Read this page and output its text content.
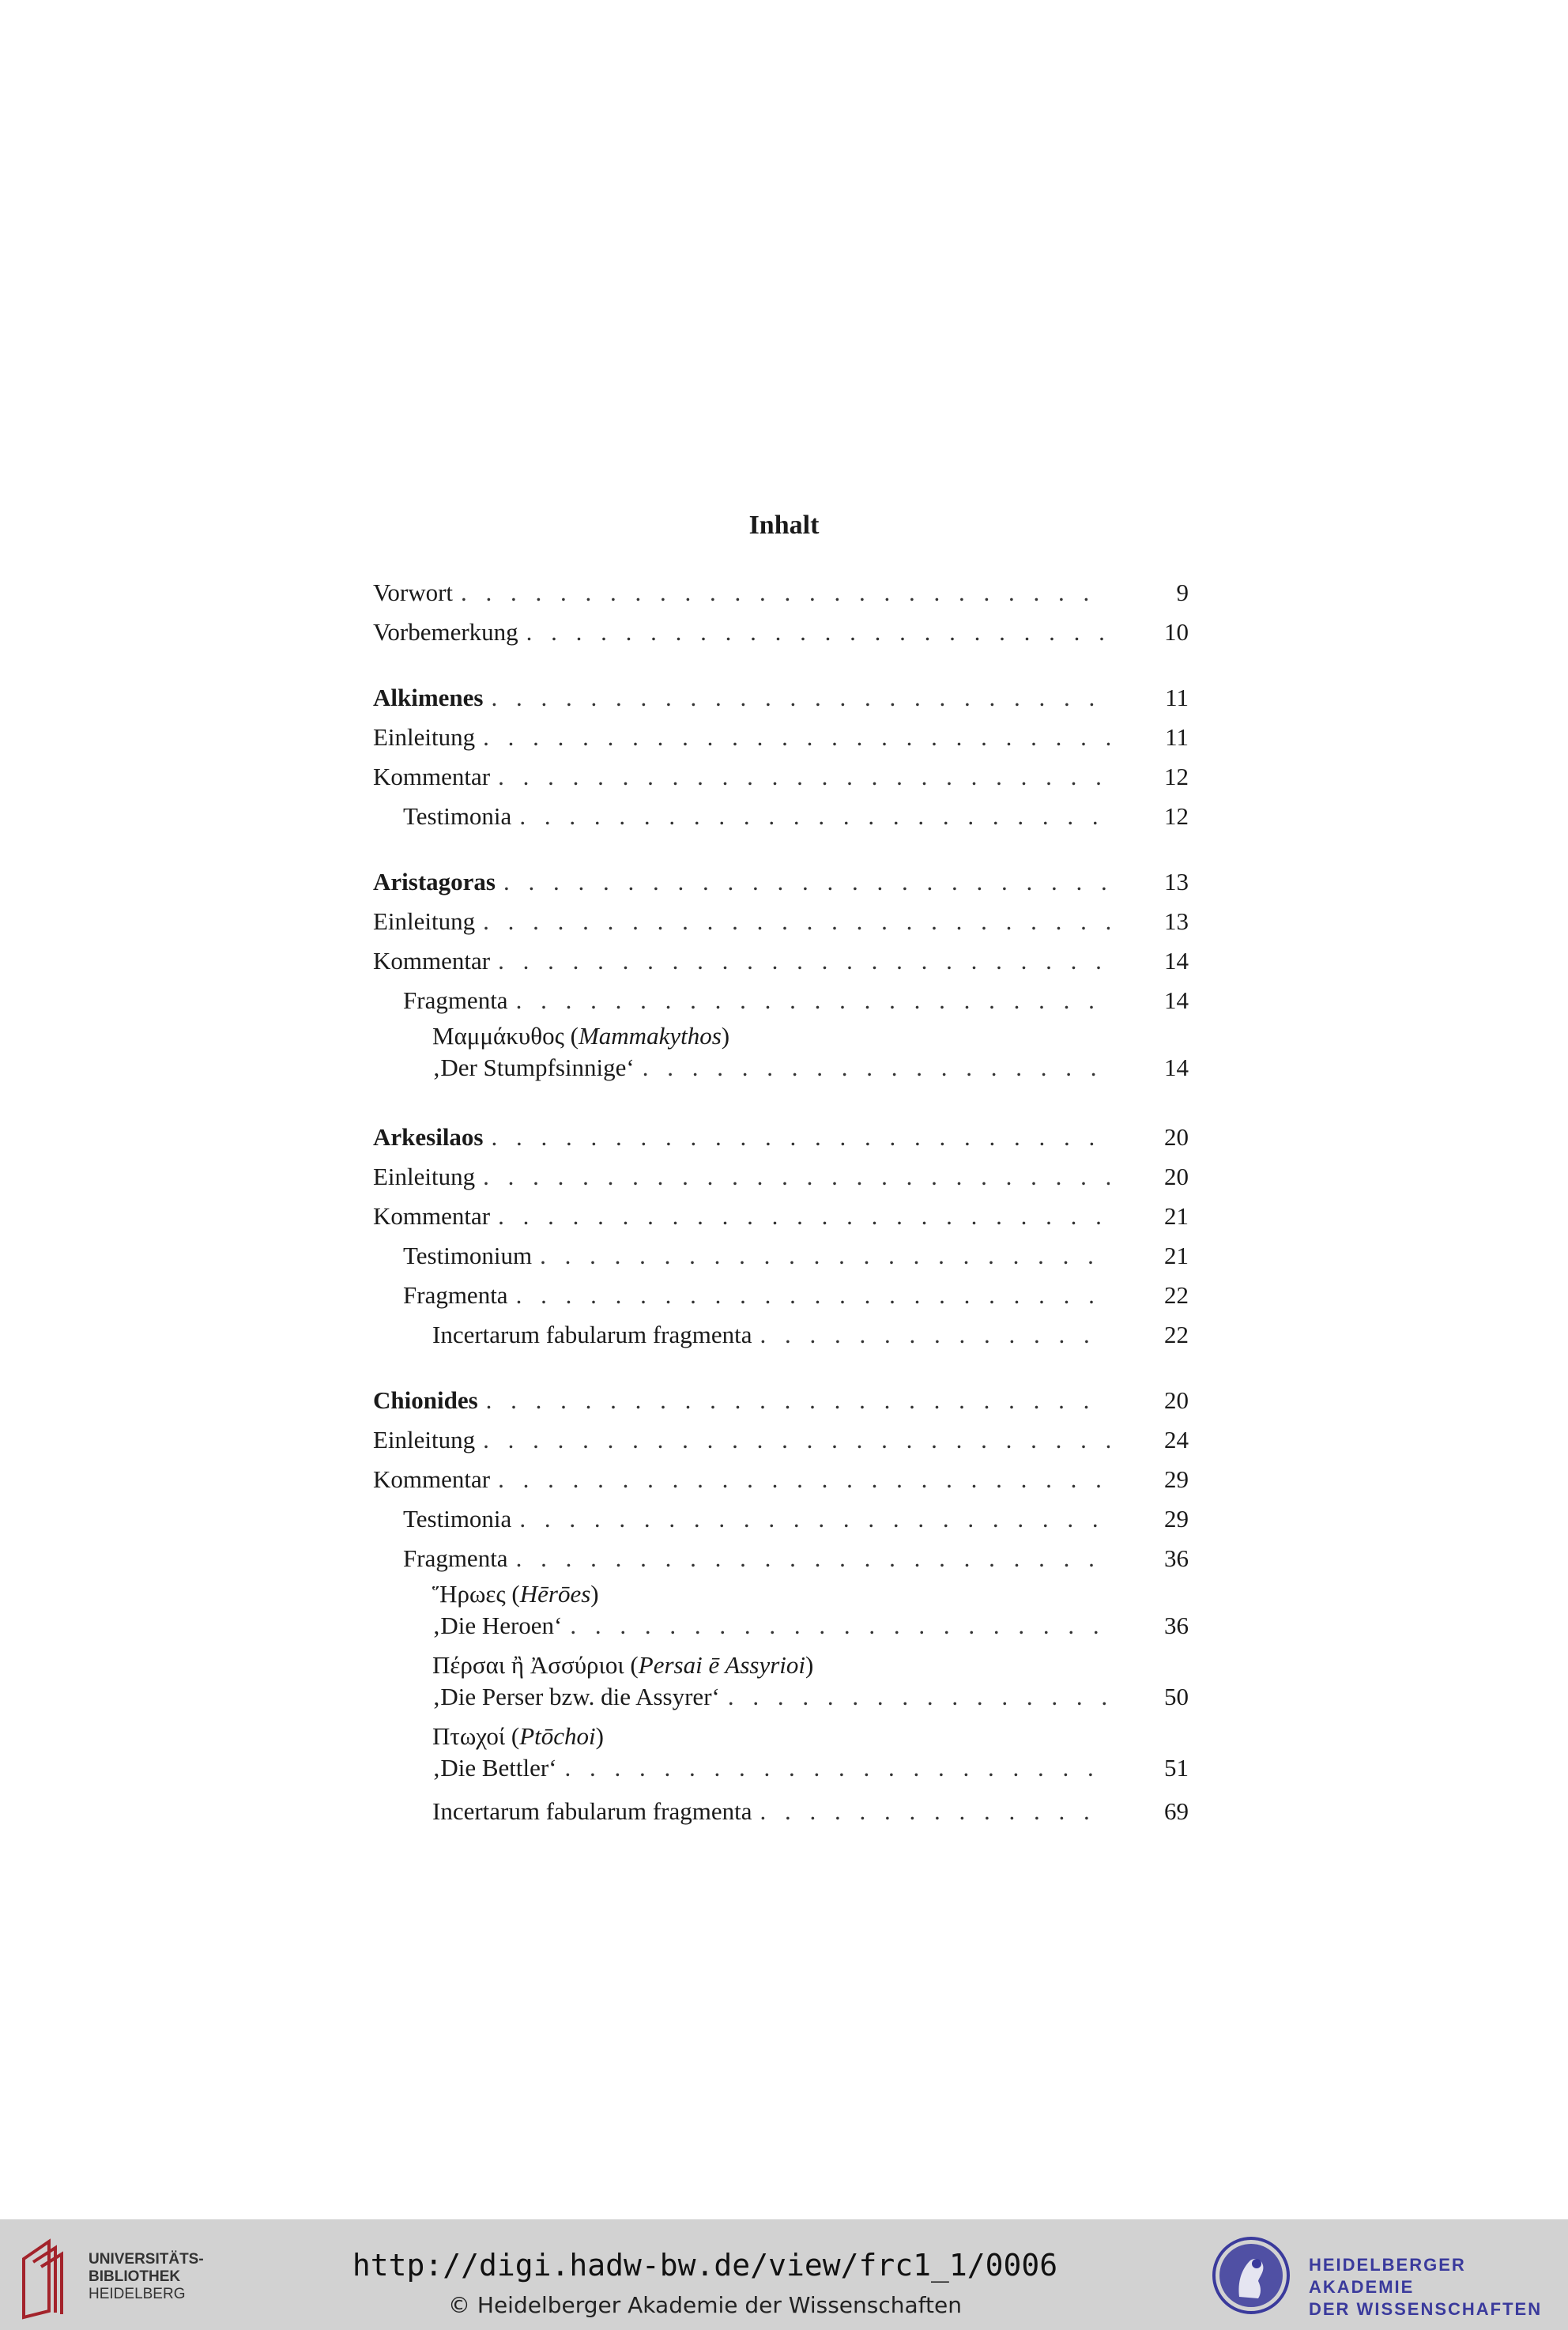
Inhalt
Vorwort . . .	9
Vorbemerkung . . .	10
Alkimenes . . .	11
Einleitung . . .	11
Kommentar . . .	12
Testimonia . . .	12
Aristagoras . . .	13
Einleitung . . .	13
Kommentar . . .	14
Fragmenta . . .	14
Μαμμάκυθος (Mammakythos)
‚Der Stumpfsinnige‘ . . .	14
Arkesilaos . . .	20
Einleitung . . .	20
Kommentar . . .	21
Testimonium . . .	21
Fragmenta . . .	22
Incertarum fabularum fragmenta . . .	22
Chionides . . .	20
Einleitung . . .	24
Kommentar . . .	29
Testimonia . . .	29
Fragmenta . . .	36
Ἥρωες (Hērōes)
‚Die Heroen‘ . . .	36
Πέρσαι ἢ Ἀσσύριοι (Persai ē Assyrioi)
‚Die Perser bzw. die Assyrer‘ . . .	50
Πτωχοί (Ptōchoi)
‚Die Bettler‘ . . .	51
Incertarum fabularum fragmenta . . .	69
UNIVERSITÄTS-
BIBLIOTHEK
HEIDELBERG
http://digi.hadw-bw.de/view/frc1_1/0006
© Heidelberger Akademie der Wissenschaften
HEIDELBERGER AKADEMIE
DER WISSENSCHAFTEN
